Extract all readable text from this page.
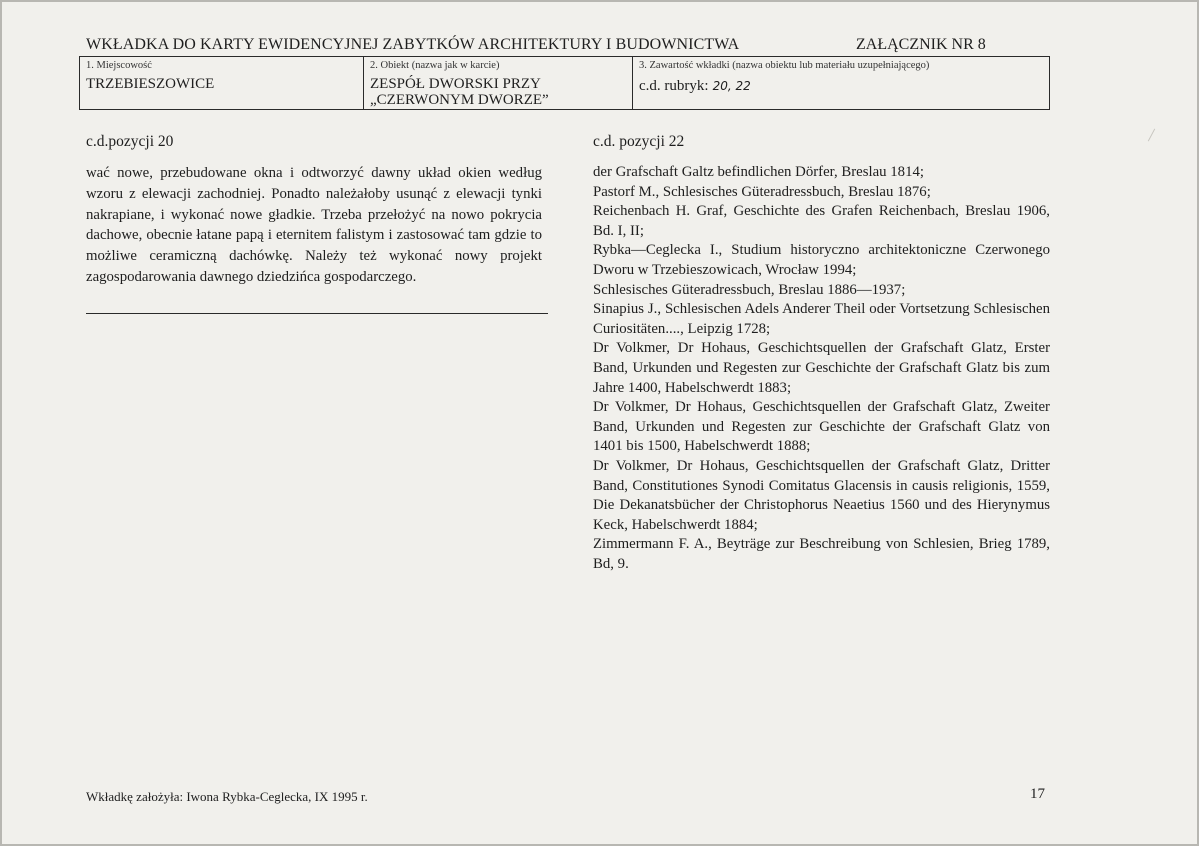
WKŁADKA DO KARTY EWIDENCYJNEJ ZABYTKÓW ARCHITEKTURY I BUDOWNICTWA	ZAŁĄCZNIK NR 8
1. Miejscowość
TRZEBIESZOWICE
2. Obiekt (nazwa jak w karcie)
ZESPÓŁ DWORSKI PRZY
„CZERWONYM DWORZE”
3. Zawartość wkładki (nazwa obiektu lub materiału uzupełniającego)
c.d. rubryk: 20, 22
c.d.pozycji 20

wać nowe, przebudowane okna i odtworzyć dawny układ okien według wzoru z elewacji zachodniej. Ponadto należałoby usunąć z elewacji tynki nakrapiane, i wykonać nowe gładkie. Trzeba przełożyć na nowo pokrycia dachowe, obecnie łatane papą i eternitem falistym i zastosować tam gdzie to możliwe ceramiczną dachówkę. Należy też wykonać nowy projekt zagospodarowania dawnego dziedzińca gospodarczego.

c.d. pozycji 22
der Grafschaft Galtz befindlichen Dörfer, Breslau 1814;
Pastorf M., Schlesisches Güteradressbuch, Breslau 1876;
Reichenbach H. Graf, Geschichte des Grafen Reichenbach, Breslau 1906, Bd. I, II;
Rybka—Ceglecka I., Studium historyczno architektoniczne Czerwonego Dworu w Trzebieszowicach, Wrocław 1994;
Schlesisches Güteradressbuch, Breslau 1886—1937;
Sinapius J., Schlesischen Adels Anderer Theil oder Vortsetzung Schlesischen Curiositäten...., Leipzig 1728;
Dr Volkmer, Dr Hohaus, Geschichtsquellen der Grafschaft Glatz, Erster Band, Urkunden und Regesten zur Geschichte der Grafschaft Glatz bis zum Jahre 1400, Habelschwerdt 1883;
Dr Volkmer, Dr Hohaus, Geschichtsquellen der Grafschaft Glatz, Zweiter Band, Urkunden und Regesten zur Geschichte der Grafschaft Glatz von 1401 bis 1500, Habelschwerdt 1888;
Dr Volkmer, Dr Hohaus, Geschichtsquellen der Grafschaft Glatz, Dritter Band, Constitutiones Synodi Comitatus Glacensis in causis religionis, 1559, Die Dekanatsbücher der Christophorus Neaetius 1560 und des Hierynymus Keck, Habelschwerdt 1884;
Zimmermann F. A., Beyträge zur Beschreibung von Schlesien, Brieg 1789, Bd, 9.
Wkładkę założyła: Iwona Rybka-Ceglecka, IX 1995 r.	17
